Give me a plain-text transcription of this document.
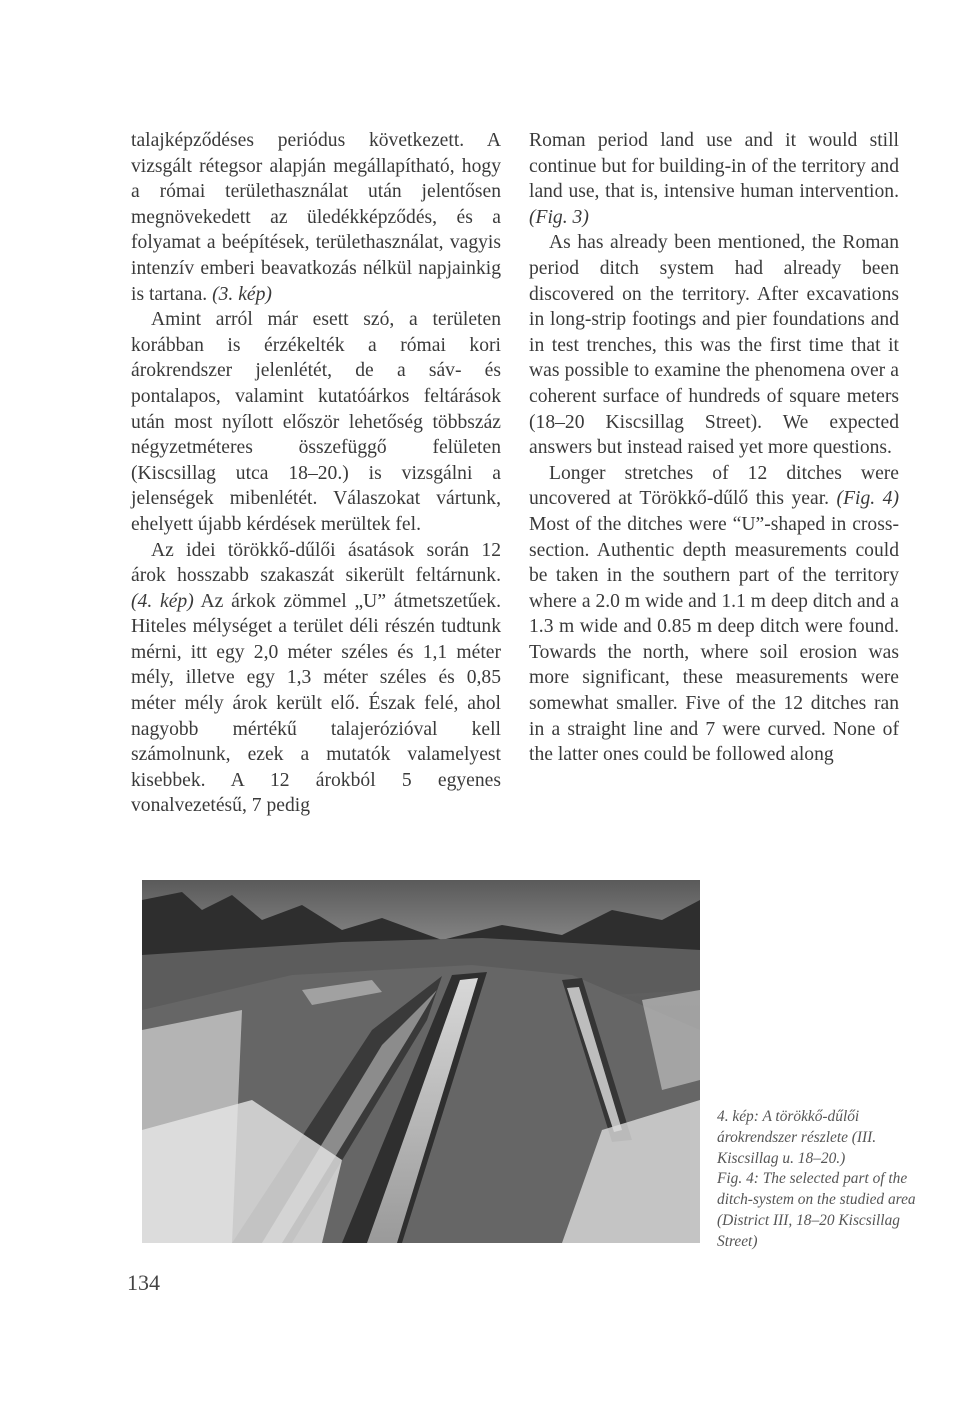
talajképződéses periódus következett. A vizsgált rétegsor alapján megállapítható, hogy a római területhasználat után jelentősen megnövekedett az üledékképződés, és a folyamat a beépítések, területhasználat, vagyis intenzív emberi beavatkozás nélkül napjainkig is tartana. (3. kép)

Amint arról már esett szó, a területen korábban is érzékelték a római kori árokrendszer jelenlétét, de a sáv- és pontalapos, valamint kutatóárkos feltárások után most nyílott először lehetőség többszáz négyzetméteres összefüggő felületen (Kiscsillag utca 18–20.) is vizsgálni a jelenségek mibenlétét. Válaszokat vártunk, ehelyett újabb kérdések merültek fel.

Az idei törökkő-dűlői ásatások során 12 árok hosszabb szakaszát sikerült feltárnunk. (4. kép) Az árkok zömmel „U” átmetszetűek. Hiteles mélységet a terület déli részén tudtunk mérni, itt egy 2,0 méter széles és 1,1 méter mély, illetve egy 1,3 méter széles és 0,85 méter mély árok került elő. Észak felé, ahol nagyobb mértékű talajerózióval kell számolnunk, ezek a mutatók valamelyest kisebbek. A 12 árokból 5 egyenes vonalvezetésű, 7 pedig

Roman period land use and it would still continue but for building-in of the territory and land use, that is, intensive human intervention. (Fig. 3)

As has already been mentioned, the Roman period ditch system had already been discovered on the territory. After excavations in long-strip footings and pier foundations and in test trenches, this was the first time that it was possible to examine the phenomena over a coherent surface of hundreds of square meters (18–20 Kiscsillag Street). We expected answers but instead raised yet more questions.

Longer stretches of 12 ditches were uncovered at Törökkő-dűlő this year. (Fig. 4) Most of the ditches were “U”-shaped in cross-section. Authentic depth measurements could be taken in the southern part of the territory where a 2.0 m wide and 1.1 m deep ditch and a 1.3 m wide and 0.85 m deep ditch were found. Towards the north, where soil erosion was more significant, these measurements were somewhat smaller. Five of the 12 ditches ran in a straight line and 7 were curved. None of the latter ones could be followed along

4. kép: A törökkő-dűlői árokrendszer részlete (III. Kiscsillag u. 18–20.)
Fig. 4: The selected part of the ditch-system on the studied area (District III, 18–20 Kiscsillag Street)
134
